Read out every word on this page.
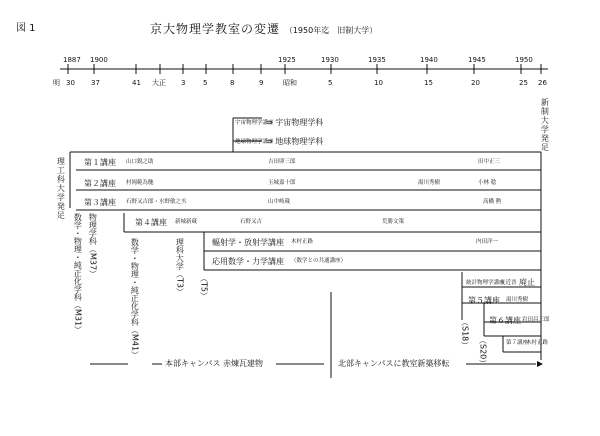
図 1	京大物理学教室の変遷 （1950年迄　旧制大学）
1887 1900	1925	1930	1935	1940	1945	1950
明 30 37	41 大正 3	5	8	9	昭和	5	10	15	20	25 26
新制大学発足
理工科大学発足
宇宙物理学講座
⇒ 宇宙物理学科
地球物理学講座
⇒ 地球物理学科
第１講座 山口鋭之助	吉田卯三郎	田中正三
第２講座 村岡範為馳	玉城嘉十郎	湯川秀樹	小林 稔
第３講座 石野又吉郎・水野敏之丞	山中岐蔵	高橋 勲
第４講座 新城新蔵	石野又吉	荒勝文策
輻射学・放射学講座 木村正路	内田洋一
応用数学・力学講座 （数学との共通講座）
統計物理学講座
友近晋 廃止
第５講座 湯川秀樹
第６講座 岩田昌三郎
第７講座
木村正路
数学・物理・純正化学科（M31） 物理学科（M37）	数学・物理・純正化学科（M41）	理科大学（T3） （T5）
（S18）
（S20）
本部キャンパス 赤煉瓦建物	北部キャンパスに教室新築移転
